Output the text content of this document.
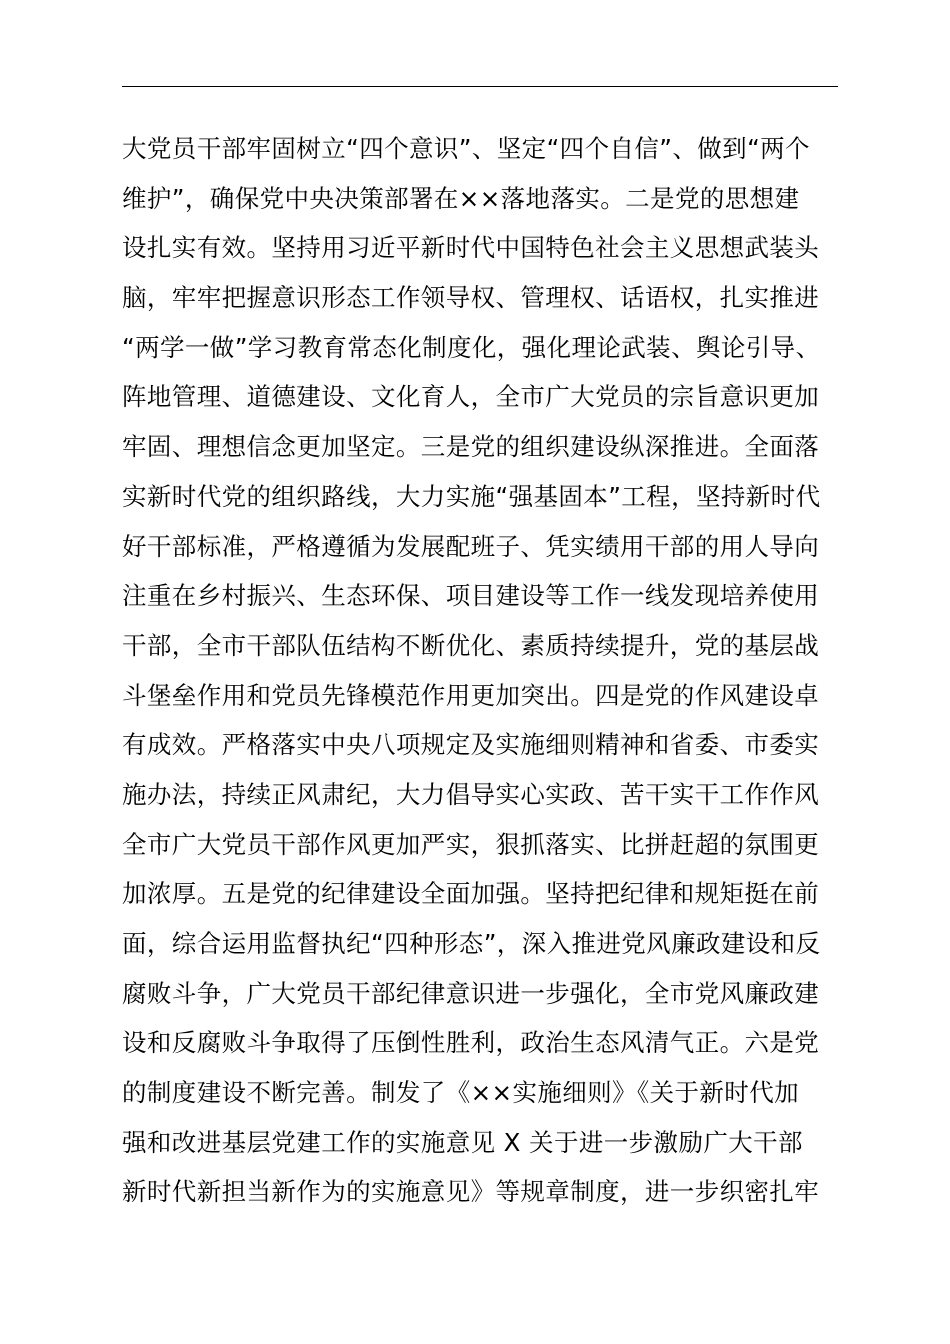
大党员干部牢固树立“四个意识”、坚定“四个自信”、做到“两个
维护”，确保党中央决策部署在××落地落实。二是党的思想建
设扎实有效。坚持用习近平新时代中国特色社会主义思想武装头
脑，牢牢把握意识形态工作领导权、管理权、话语权，扎实推进
“两学一做”学习教育常态化制度化，强化理论武装、舆论引导、
阵地管理、道德建设、文化育人，全市广大党员的宗旨意识更加
牢固、理想信念更加坚定。三是党的组织建设纵深推进。全面落
实新时代党的组织路线，大力实施“强基固本”工程，坚持新时代
好干部标准，严格遵循为发展配班子、凭实绩用干部的用人导向
注重在乡村振兴、生态环保、项目建设等工作一线发现培养使用
干部，全市干部队伍结构不断优化、素质持续提升，党的基层战
斗堡垒作用和党员先锋模范作用更加突出。四是党的作风建设卓
有成效。严格落实中央八项规定及实施细则精神和省委、市委实
施办法，持续正风肃纪，大力倡导实心实政、苦干实干工作作风
全市广大党员干部作风更加严实，狠抓落实、比拼赶超的氛围更
加浓厚。五是党的纪律建设全面加强。坚持把纪律和规矩挺在前
面，综合运用监督执纪“四种形态”，深入推进党风廉政建设和反
腐败斗争，广大党员干部纪律意识进一步强化，全市党风廉政建
设和反腐败斗争取得了压倒性胜利，政治生态风清气正。六是党
的制度建设不断完善。制发了《××实施细则》《关于新时代加
强和改进基层党建工作的实施意见 X 关于进一步激励广大干部
新时代新担当新作为的实施意见》等规章制度，进一步织密扎牢
